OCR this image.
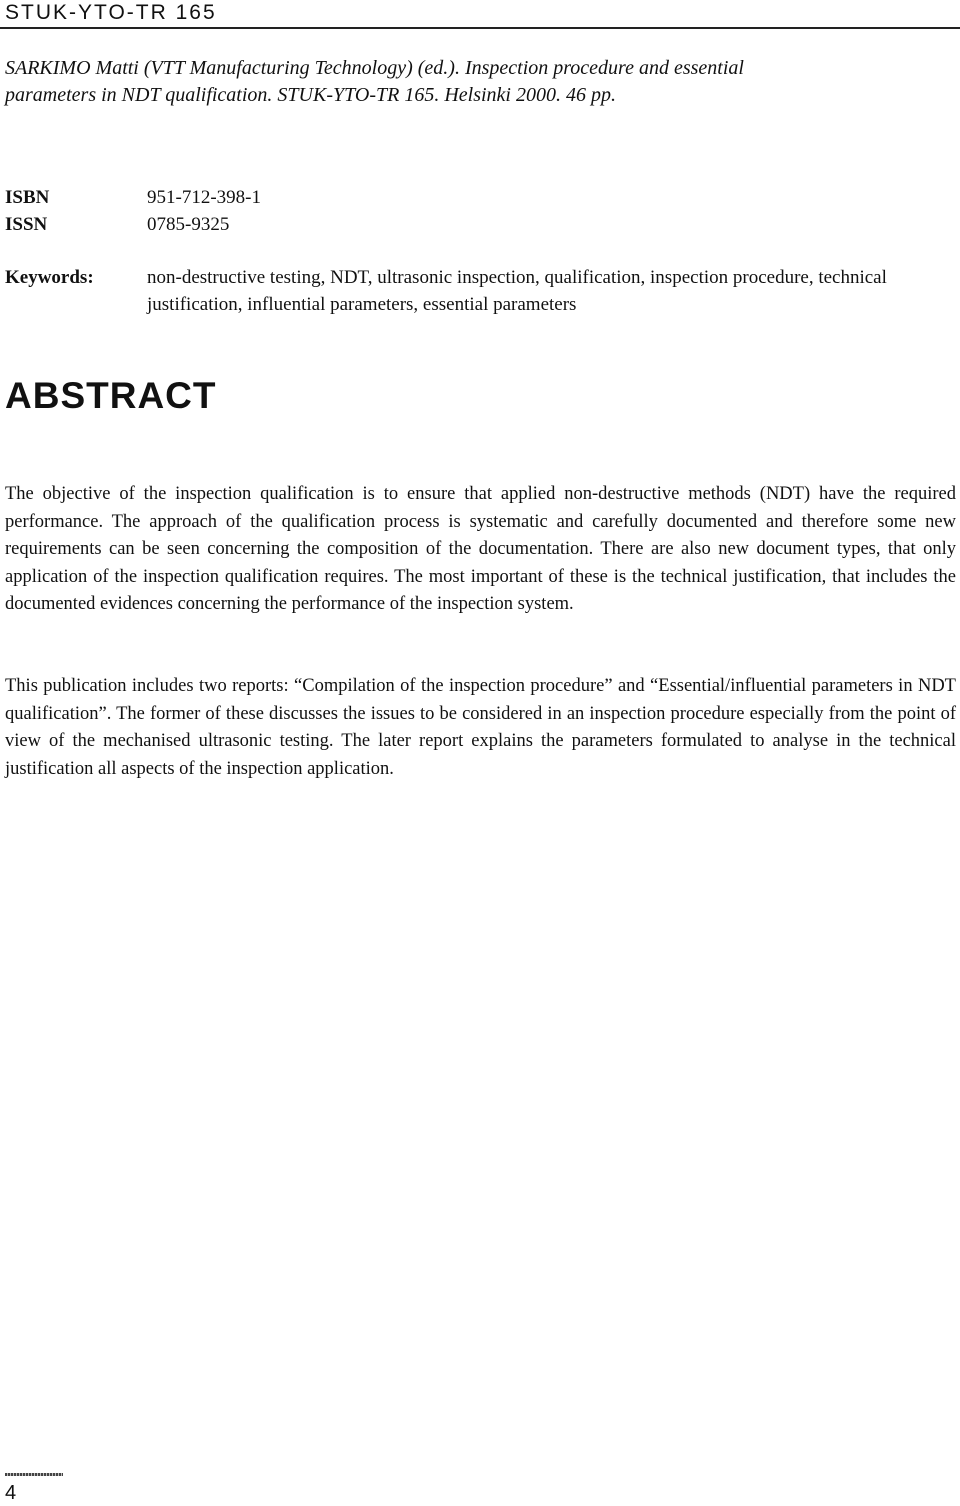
STUK-YTO-TR 165
SARKIMO Matti (VTT Manufacturing Technology) (ed.). Inspection procedure and essential
parameters in NDT qualification. STUK-YTO-TR 165. Helsinki 2000. 46 pp.
ISBN	951-712-398-1
ISSN	0785-9325
Keywords:	non-destructive testing, NDT, ultrasonic inspection, qualification, inspection procedure, technical justification, influential parameters, essential parameters
ABSTRACT
The objective of the inspection qualification is to ensure that applied non-destructive methods (NDT) have the required performance. The approach of the qualification process is systematic and carefully documented and therefore some new requirements can be seen concerning the composition of the documentation. There are also new document types, that only application of the inspection qualification requires. The most important of these is the technical justification, that includes the documented evidences concerning the performance of the inspection system.
This publication includes two reports: “Compilation of the inspection procedure” and “Essential/influential parameters in NDT qualification”. The former of these discusses the issues to be considered in an inspection procedure especially from the point of view of the mechanised ultrasonic testing. The later report explains the parameters formulated to analyse in the technical justification all aspects of the inspection application.
4
